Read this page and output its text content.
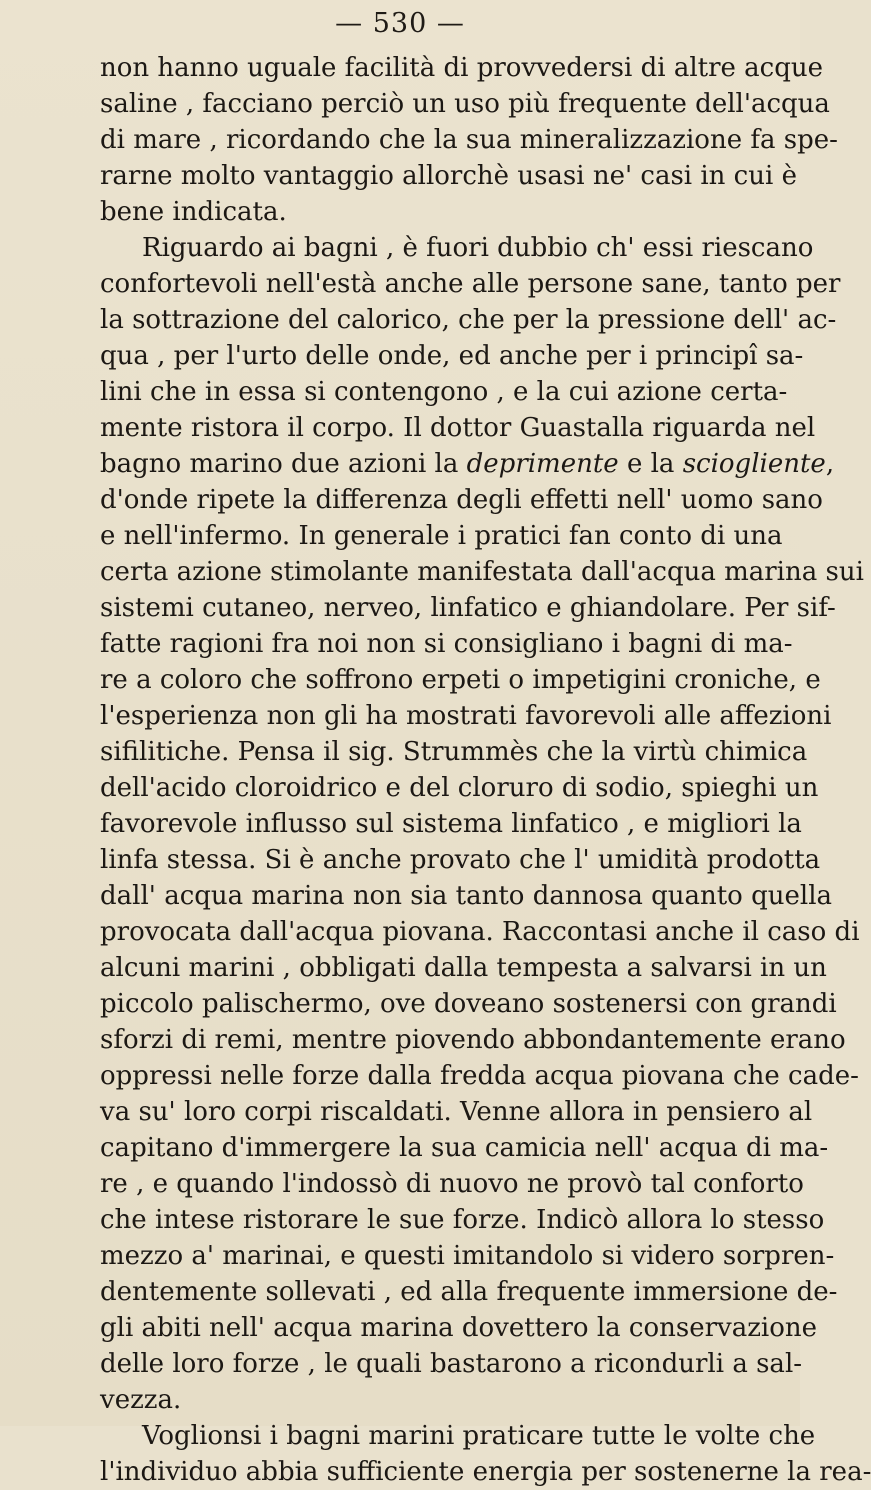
— 530 —
non hanno uguale facilità di provvedersi di altre acque
saline , facciano perciò un uso più frequente dell'acqua
di mare , ricordando che la sua mineralizzazione fa spe-
rarne molto vantaggio allorchè usasi ne' casi in cui è
bene indicata.
Riguardo ai bagni , è fuori dubbio ch' essi riescano
confortevoli nell'està anche alle persone sane, tanto per
la sottrazione del calorico, che per la pressione dell' ac-
qua , per l'urto delle onde, ed anche per i principî sa-
lini che in essa si contengono , e la cui azione certa-
mente ristora il corpo. Il dottor Guastalla riguarda nel
bagno marino due azioni la deprimente e la sciogliente,
d'onde ripete la differenza degli effetti nell' uomo sano
e nell'infermo. In generale i pratici fan conto di una
certa azione stimolante manifestata dall'acqua marina sui
sistemi cutaneo, nerveo, linfatico e ghiandolare. Per sif-
fatte ragioni fra noi non si consigliano i bagni di ma-
re a coloro che soffrono erpeti o impetigini croniche, e
l'esperienza non gli ha mostrati favorevoli alle affezioni
sifilitiche. Pensa il sig. Strummès che la virtù chimica
dell'acido cloroidrico e del cloruro di sodio, spieghi un
favorevole influsso sul sistema linfatico , e migliori la
linfa stessa. Si è anche provato che l' umidità prodotta
dall' acqua marina non sia tanto dannosa quanto quella
provocata dall'acqua piovana. Raccontasi anche il caso di
alcuni marini , obbligati dalla tempesta a salvarsi in un
piccolo palischermo, ove doveano sostenersi con grandi
sforzi di remi, mentre piovendo abbondantemente erano
oppressi nelle forze dalla fredda acqua piovana che cade-
va su' loro corpi riscaldati. Venne allora in pensiero al
capitano d'immergere la sua camicia nell' acqua di ma-
re , e quando l'indossò di nuovo ne provò tal conforto
che intese ristorare le sue forze. Indicò allora lo stesso
mezzo a' marinai, e questi imitandolo si videro sorpren-
dentemente sollevati , ed alla frequente immersione de-
gli abiti nell' acqua marina dovettero la conservazione
delle loro forze , le quali bastarono a ricondurli a sal-
vezza.
Voglionsi i bagni marini praticare tutte le volte che
l'individuo abbia sufficiente energia per sostenerne la rea-
